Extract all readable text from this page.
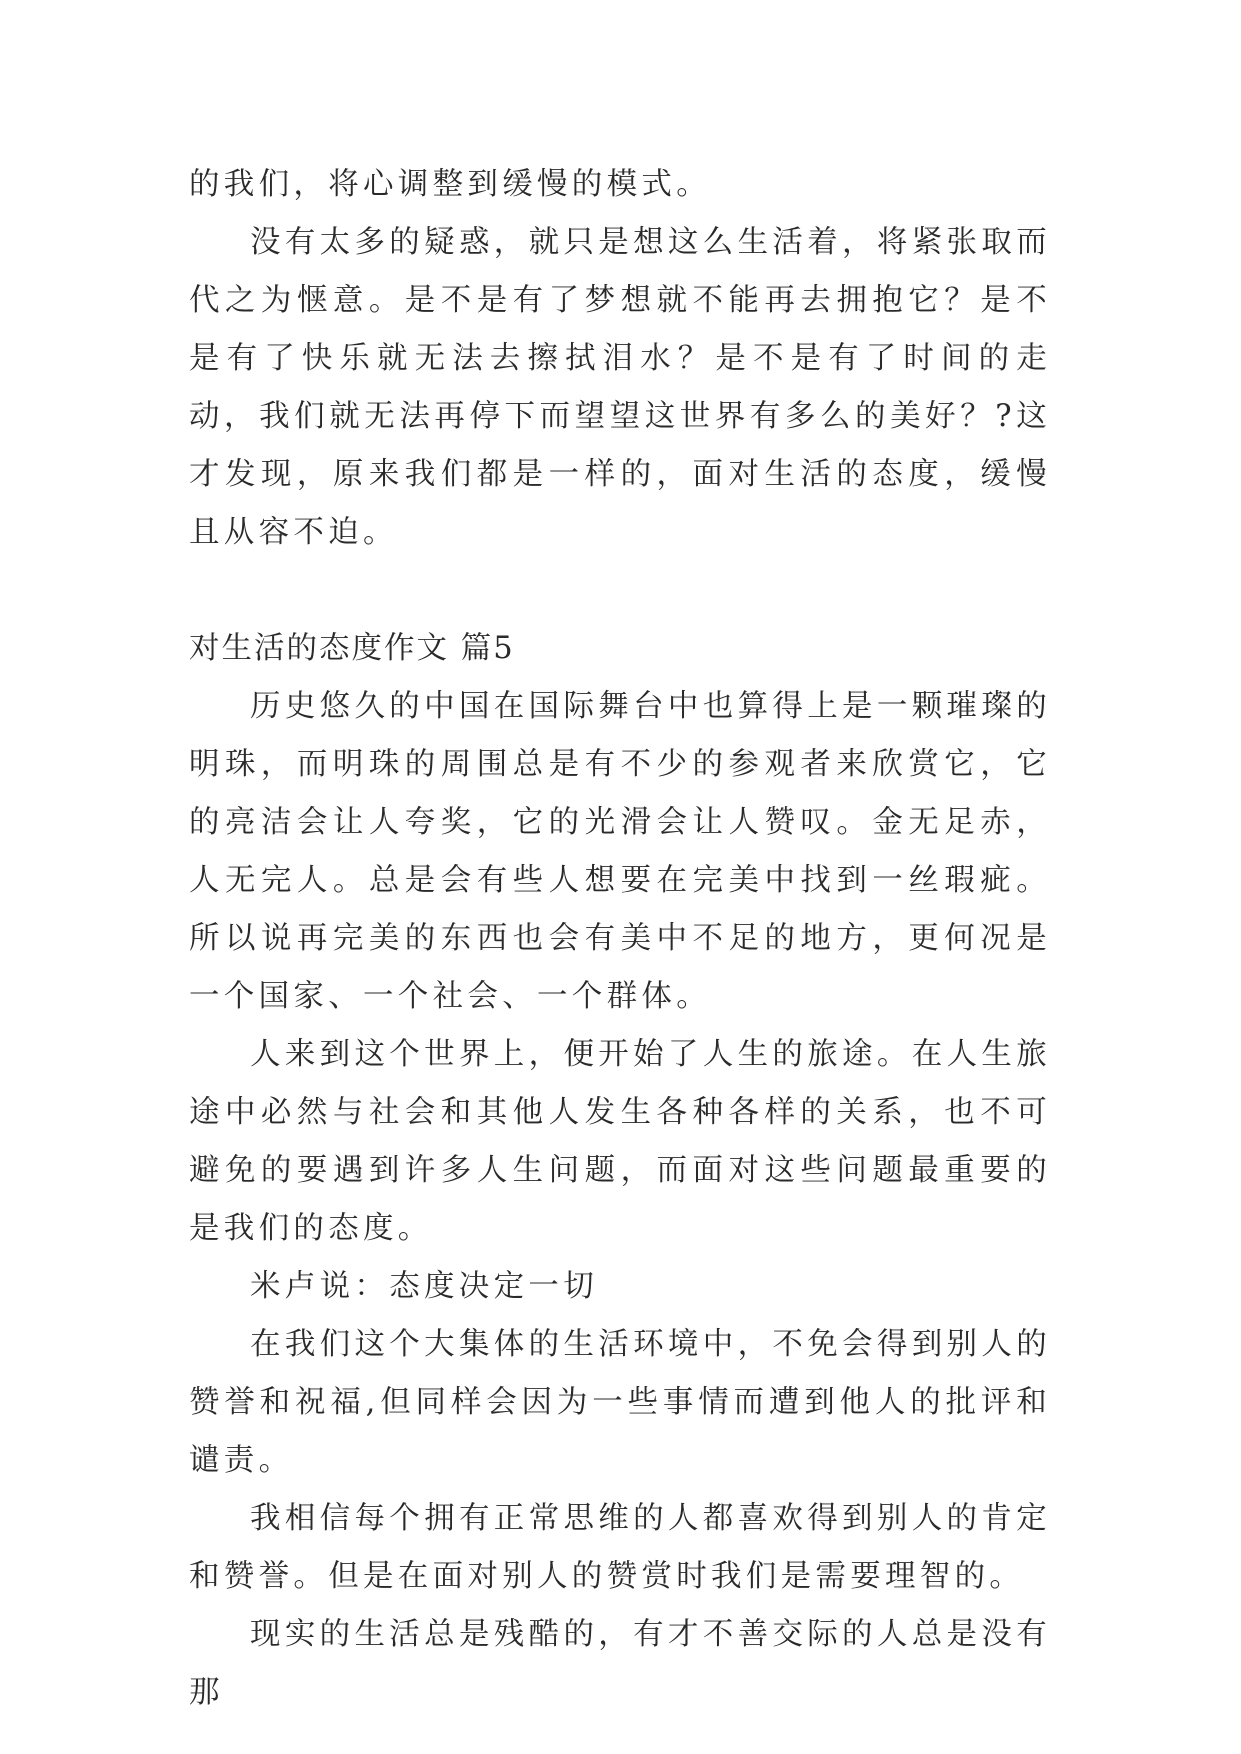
的我们，将心调整到缓慢的模式。

没有太多的疑惑，就只是想这么生活着，将紧张取而代之为惬意。是不是有了梦想就不能再去拥抱它？是不是有了快乐就无法去擦拭泪水？是不是有了时间的走动，我们就无法再停下而望望这世界有多么的美好？?这才发现，原来我们都是一样的，面对生活的态度，缓慢且从容不迫。

对生活的态度作文 篇5

历史悠久的中国在国际舞台中也算得上是一颗璀璨的明珠，而明珠的周围总是有不少的参观者来欣赏它，它的亮洁会让人夸奖，它的光滑会让人赞叹。金无足赤，人无完人。总是会有些人想要在完美中找到一丝瑕疵。所以说再完美的东西也会有美中不足的地方，更何况是一个国家、一个社会、一个群体。

人来到这个世界上，便开始了人生的旅途。在人生旅途中必然与社会和其他人发生各种各样的关系，也不可避免的要遇到许多人生问题，而面对这些问题最重要的是我们的态度。

米卢说：态度决定一切

在我们这个大集体的生活环境中，不免会得到别人的赞誉和祝福,但同样会因为一些事情而遭到他人的批评和谴责。

我相信每个拥有正常思维的人都喜欢得到别人的肯定和赞誉。但是在面对别人的赞赏时我们是需要理智的。

现实的生活总是残酷的，有才不善交际的人总是没有那
